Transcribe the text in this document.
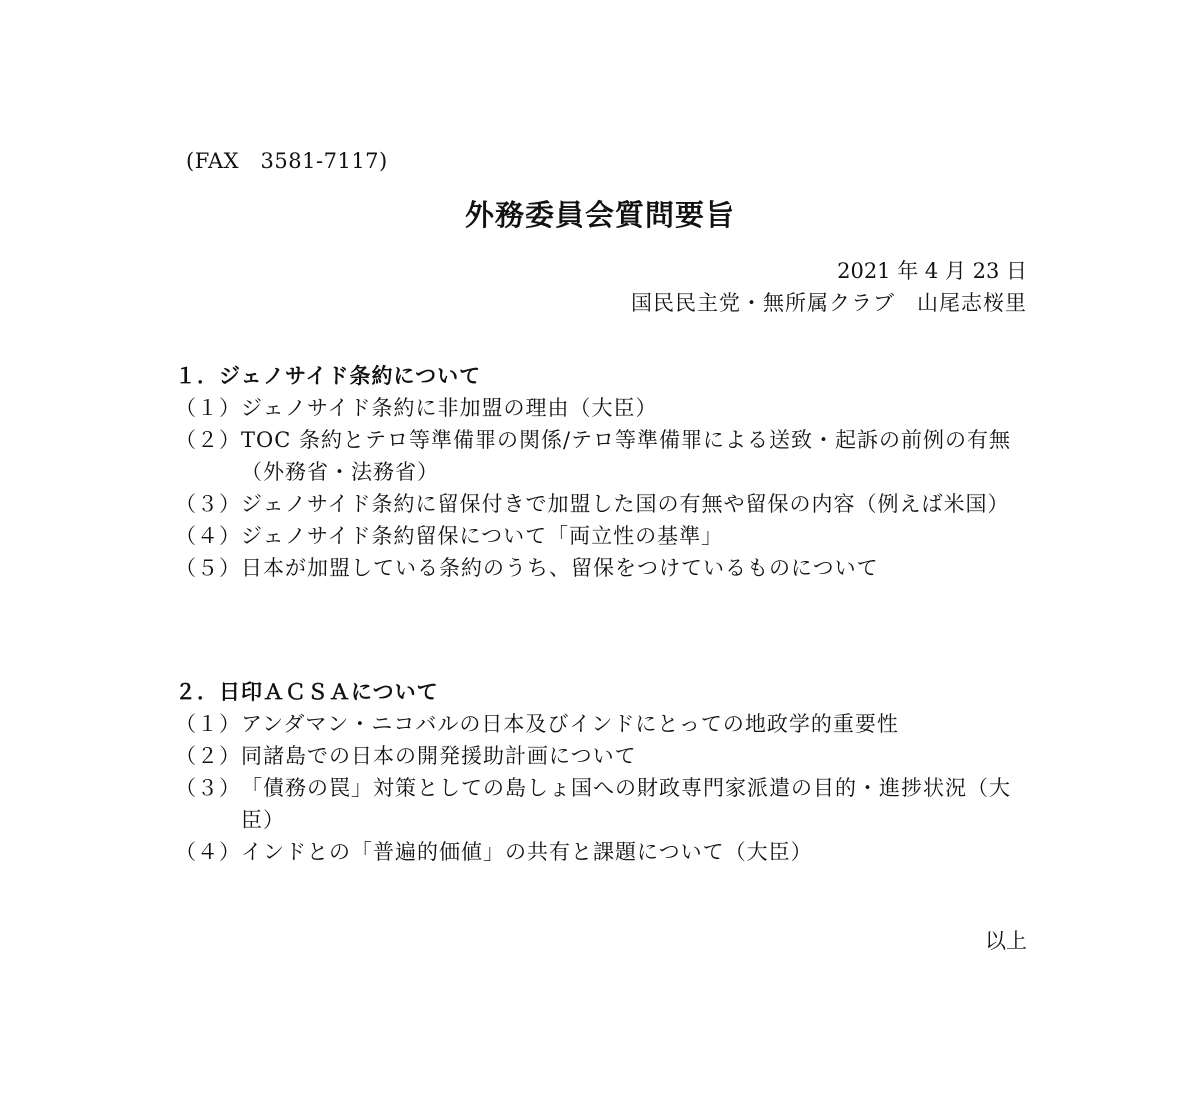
(FAX　3581-7117)
外務委員会質問要旨
2021 年 4 月 23 日
国民民主党・無所属クラブ　山尾志桜里
１．ジェノサイド条約について
（１） ジェノサイド条約に非加盟の理由（大臣）
（２） TOC 条約とテロ等準備罪の関係/テロ等準備罪による送致・起訴の前例の有無（外務省・法務省）
（３） ジェノサイド条約に留保付きで加盟した国の有無や留保の内容（例えば米国）
（４） ジェノサイド条約留保について「両立性の基準」
（５） 日本が加盟している条約のうち、留保をつけているものについて
２．日印ＡＣＳＡについて
（１） アンダマン・ニコバルの日本及びインドにとっての地政学的重要性
（２） 同諸島での日本の開発援助計画について
（３） 「債務の罠」対策としての島しょ国への財政専門家派遣の目的・進捗状況（大臣）
（４） インドとの「普遍的価値」の共有と課題について（大臣）
以上
